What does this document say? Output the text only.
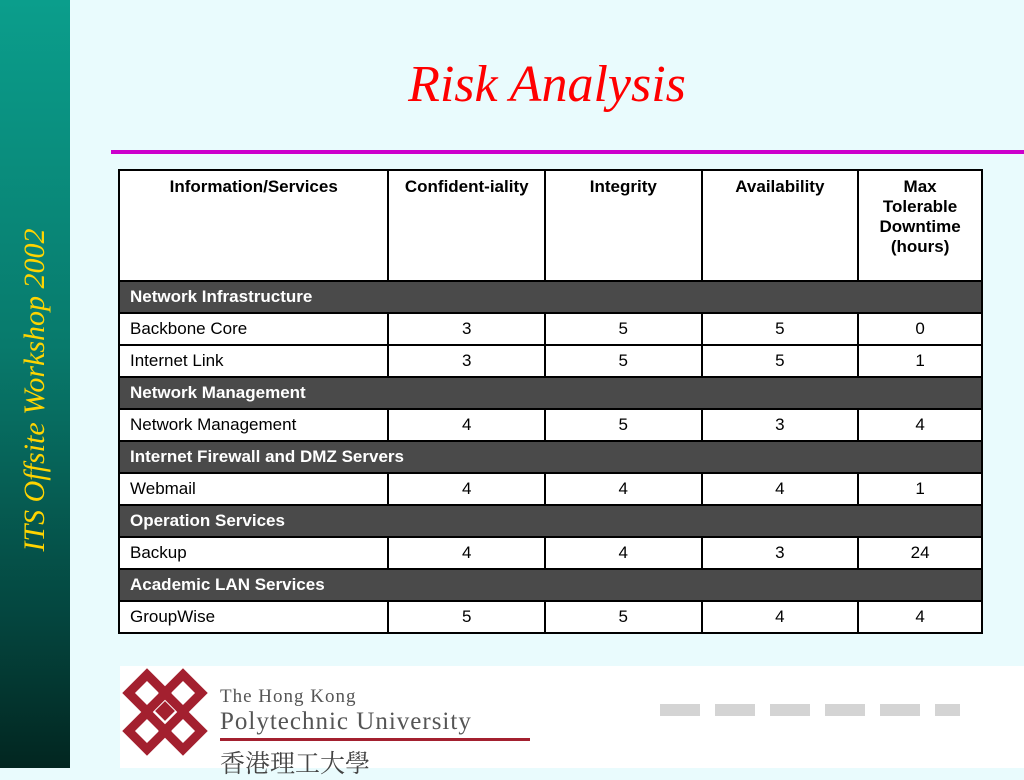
ITS Offsite Workshop 2002
Risk Analysis
Information/Services	Confident-iality	Integrity	Availability	Max Tolerable Downtime (hours)
Network Infrastructure				
Backbone Core	3	5	5	0
Internet Link	3	5	5	1
Network Management				
Network Management	4	5	3	4
Internet Firewall and DMZ Servers				
Webmail	4	4	4	1
Operation Services				
Backup	4	4	3	24
Academic LAN Services				
GroupWise	5	5	4	4
The Hong Kong
Polytechnic University
香港理工大學
